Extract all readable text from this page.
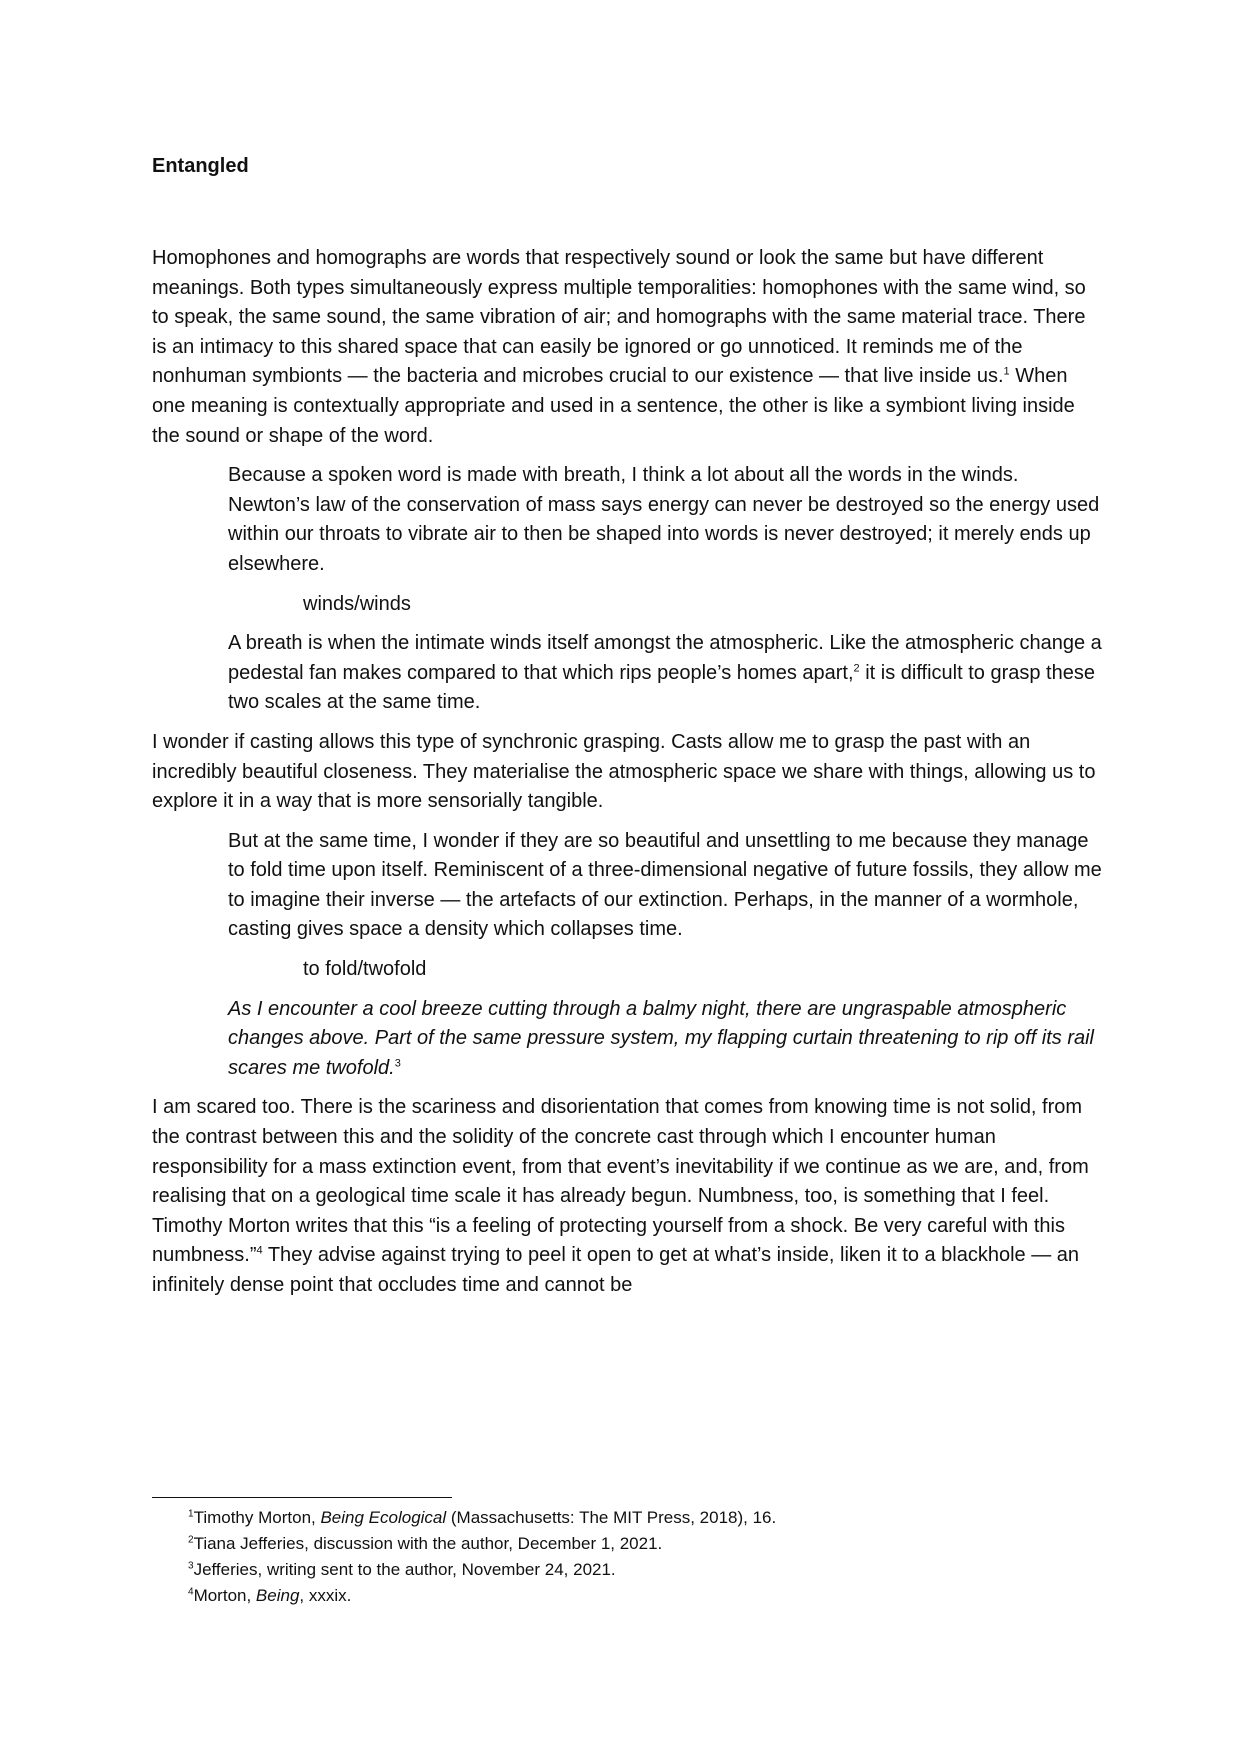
Entangled

Homophones and homographs are words that respectively sound or look the same but have different meanings. Both types simultaneously express multiple temporalities: homophones with the same wind, so to speak, the same sound, the same vibration of air; and homographs with the same material trace. There is an intimacy to this shared space that can easily be ignored or go unnoticed. It reminds me of the nonhuman symbionts — the bacteria and microbes crucial to our existence — that live inside us.$^1$ When one meaning is contextually appropriate and used in a sentence, the other is like a symbiont living inside the sound or shape of the word.

Because a spoken word is made with breath, I think a lot about all the words in the winds. Newton’s law of the conservation of mass says energy can never be destroyed so the energy used within our throats to vibrate air to then be shaped into words is never destroyed; it merely ends up elsewhere.

winds/winds

A breath is when the intimate winds itself amongst the atmospheric. Like the atmospheric change a pedestal fan makes compared to that which rips people’s homes apart,$^2$ it is difficult to grasp these two scales at the same time.

I wonder if casting allows this type of synchronic grasping. Casts allow me to grasp the past with an incredibly beautiful closeness. They materialise the atmospheric space we share with things, allowing us to explore it in a way that is more sensorially tangible.

But at the same time, I wonder if they are so beautiful and unsettling to me because they manage to fold time upon itself. Reminiscent of a three-dimensional negative of future fossils, they allow me to imagine their inverse — the artefacts of our extinction. Perhaps, in the manner of a wormhole, casting gives space a density which collapses time.

to fold/twofold

As I encounter a cool breeze cutting through a balmy night, there are ungraspable atmospheric changes above. Part of the same pressure system, my flapping curtain threatening to rip off its rail scares me twofold.$^3$

I am scared too. There is the scariness and disorientation that comes from knowing time is not solid, from the contrast between this and the solidity of the concrete cast through which I encounter human responsibility for a mass extinction event, from that event’s inevitability if we continue as we are, and, from realising that on a geological time scale it has already begun. Numbness, too, is something that I feel. Timothy Morton writes that this “is a feeling of protecting yourself from a shock. Be very careful with this numbness.”$^4$ They advise against trying to peel it open to get at what’s inside, liken it to a blackhole — an infinitely dense point that occludes time and cannot be

$^1$Timothy Morton, Being Ecological (Massachusetts: The MIT Press, 2018), 16.
$^2$Tiana Jefferies, discussion with the author, December 1, 2021.
$^3$Jefferies, writing sent to the author, November 24, 2021.
$^4$Morton, Being, xxxix.
